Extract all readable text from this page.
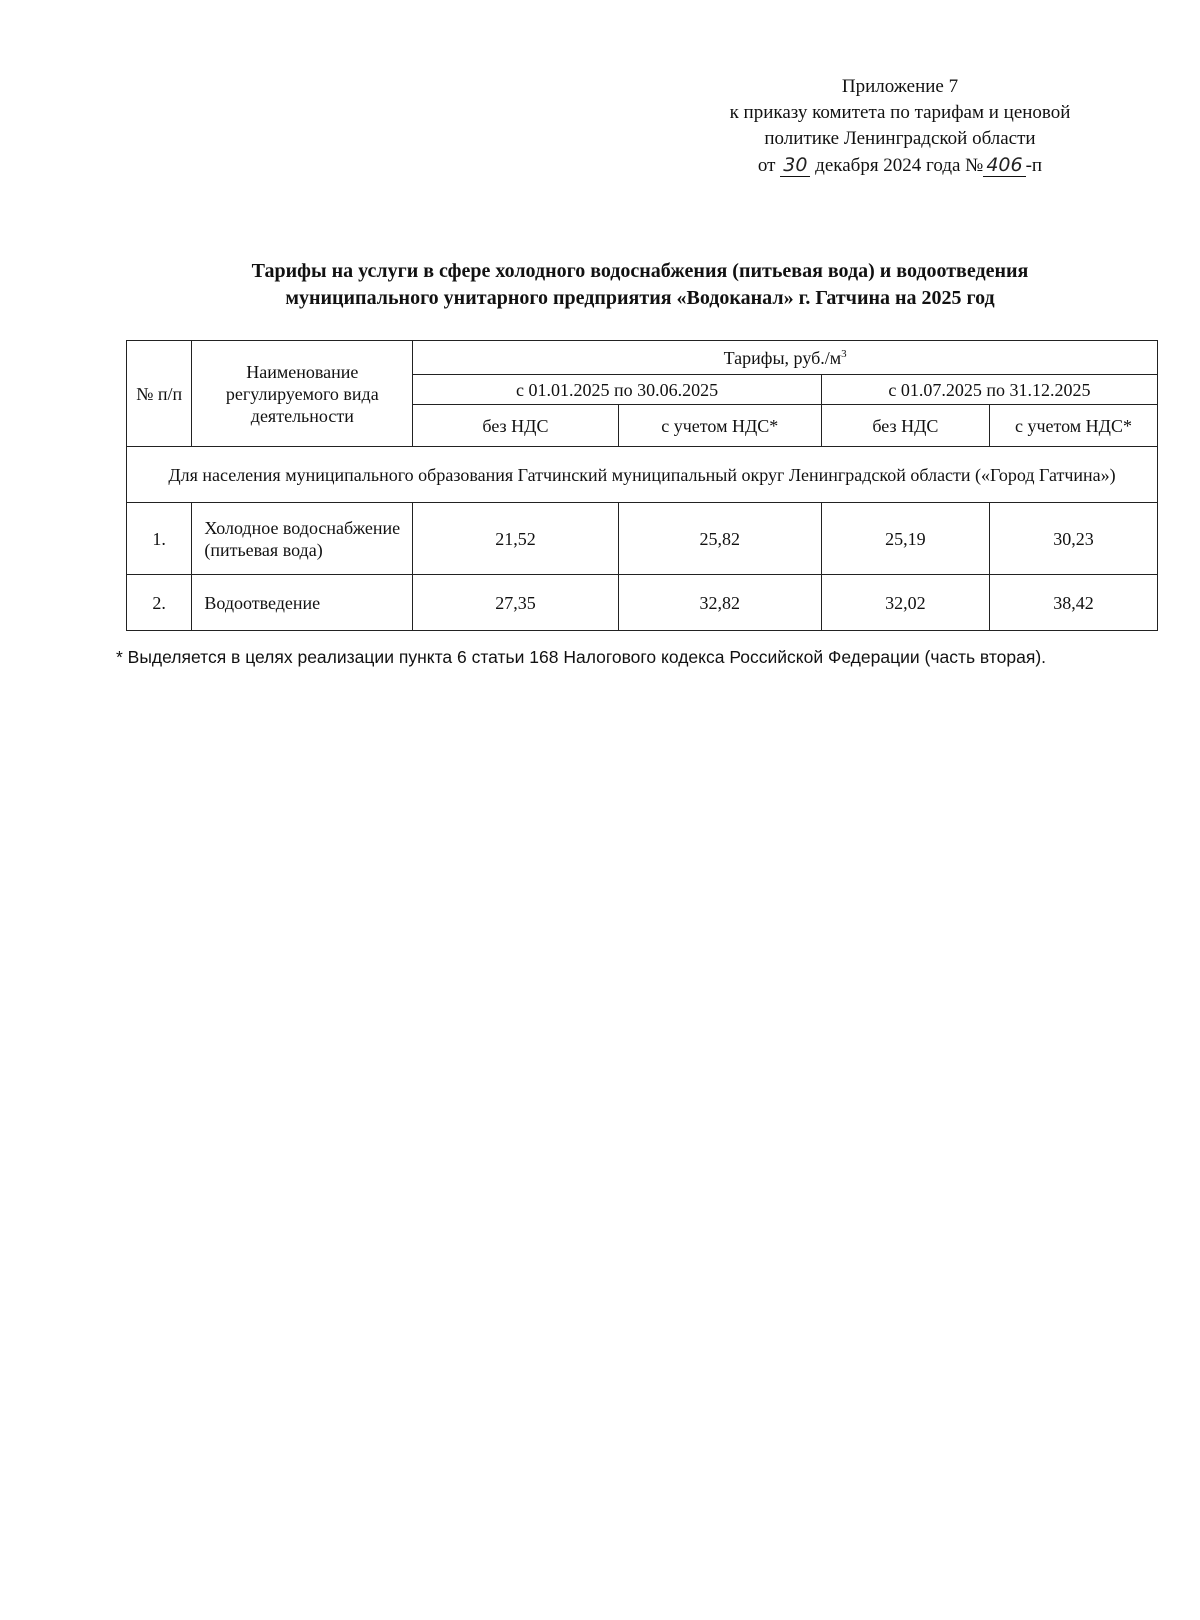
Приложение 7
к приказу комитета по тарифам и ценовой
политике Ленинградской области
от 30 декабря 2024 года № 406 -п
Тарифы на услуги в сфере холодного водоснабжения (питьевая вода) и водоотведения
муниципального унитарного предприятия «Водоканал» г. Гатчина на 2025 год
№ п/п	Наименование регулируемого вида деятельности	Тарифы, $руб./м^3$
		с 01.01.2025 по 30.06.2025		с 01.07.2025 по 31.12.2025	
		без НДС	с учетом НДС*	без НДС	с учетом НДС*
Для населения муниципального образования Гатчинский муниципальный округ Ленинградской области («Город Гатчина»)					
1.	Холодное водоснабжение (питьевая вода)	21,52	25,82	25,19	30,23
2.	Водоотведение	27,35	32,82	32,02	38,42
* Выделяется в целях реализации пункта 6 статьи 168 Налогового кодекса Российской Федерации (часть вторая).
